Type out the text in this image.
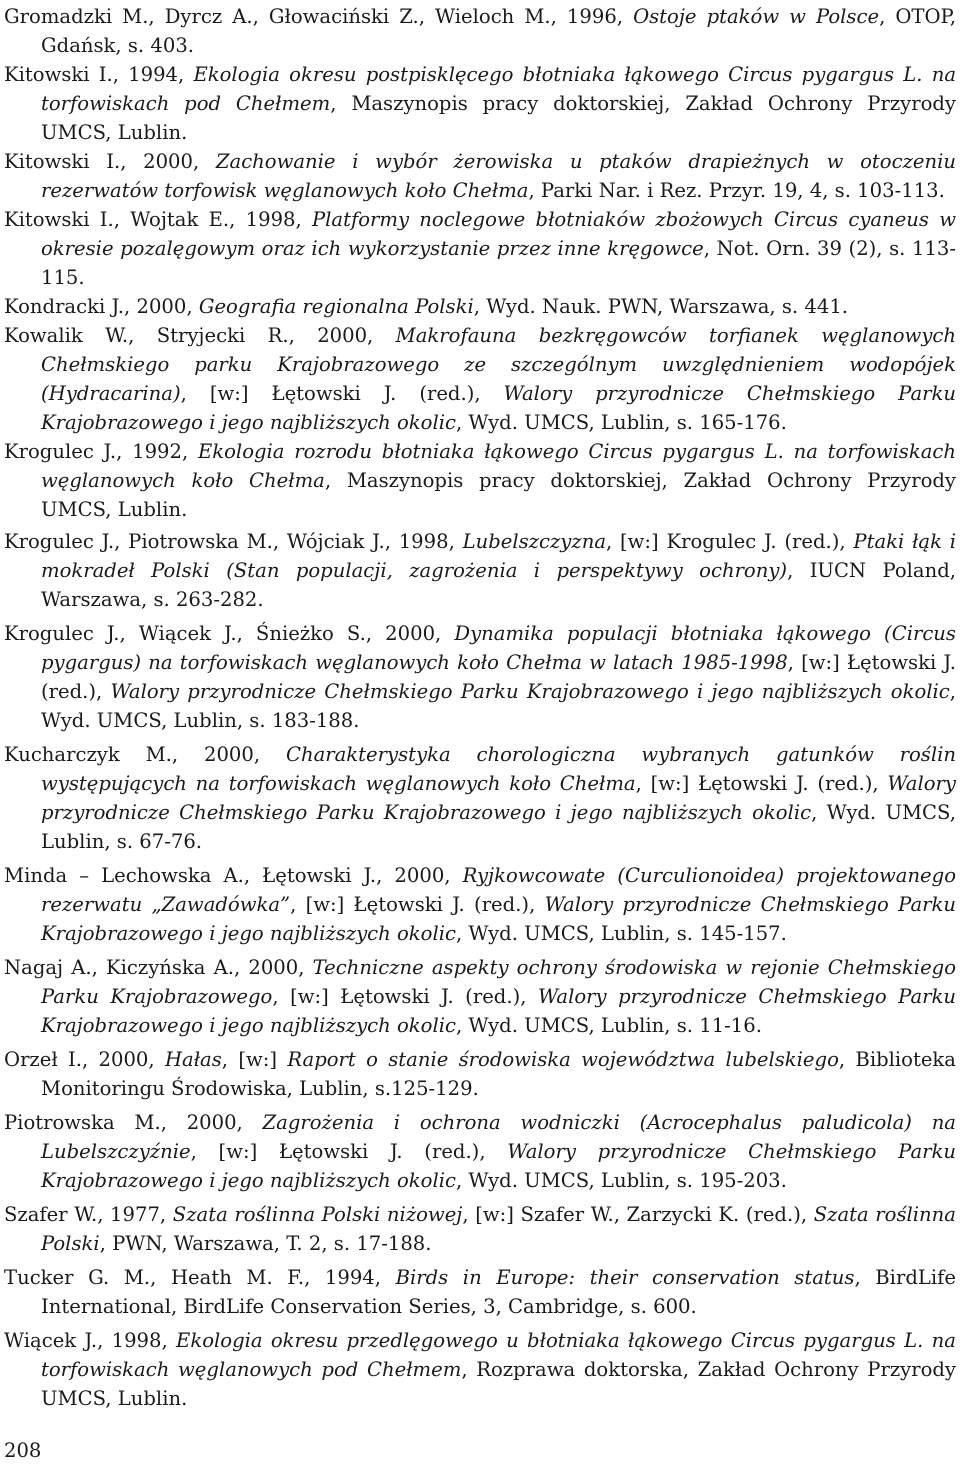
Gromadzki M., Dyrcz A., Głowaciński Z., Wieloch M., 1996, Ostoje ptaków w Polsce, OTOP, Gdańsk, s. 403.

Kitowski I., 1994, Ekologia okresu postpisklęcego błotniaka łąkowego Circus pygargus L. na torfowiskach pod Chełmem, Maszynopis pracy doktorskiej, Zakład Ochrony Przyrody UMCS, Lublin.

Kitowski I., 2000, Zachowanie i wybór żerowiska u ptaków drapieżnych w otoczeniu rezerwatów torfowisk węglanowych koło Chełma, Parki Nar. i Rez. Przyr. 19, 4, s. 103-113.

Kitowski I., Wojtak E., 1998, Platformy noclegowe błotniaków zbożowych Circus cyaneus w okresie pozalęgowym oraz ich wykorzystanie przez inne kręgowce, Not. Orn. 39 (2), s. 113-115.

Kondracki J., 2000, Geografia regionalna Polski, Wyd. Nauk. PWN, Warszawa, s. 441.

Kowalik W., Stryjecki R., 2000, Makrofauna bezkręgowców torfianek węglanowych Chełmskiego parku Krajobrazowego ze szczególnym uwzględnieniem wodopójek (Hydracarina), [w:] Łętowski J. (red.), Walory przyrodnicze Chełmskiego Parku Krajobrazowego i jego najbliższych okolic, Wyd. UMCS, Lublin, s. 165-176.

Krogulec J., 1992, Ekologia rozrodu błotniaka łąkowego Circus pygargus L. na torfowiskach węglanowych koło Chełma, Maszynopis pracy doktorskiej, Zakład Ochrony Przyrody UMCS, Lublin.

Krogulec J., Piotrowska M., Wójciak J., 1998, Lubelszczyzna, [w:] Krogulec J. (red.), Ptaki łąk i mokradeł Polski (Stan populacji, zagrożenia i perspektywy ochrony), IUCN Poland, Warszawa, s. 263-282.

Krogulec J., Wiącek J., Śnieżko S., 2000, Dynamika populacji błotniaka łąkowego (Circus pygargus) na torfowiskach węglanowych koło Chełma w latach 1985-1998, [w:] Łętowski J. (red.), Walory przyrodnicze Chełmskiego Parku Krajobrazowego i jego najbliższych okolic, Wyd. UMCS, Lublin, s. 183-188.

Kucharczyk M., 2000, Charakterystyka chorologiczna wybranych gatunków roślin występujących na torfowiskach węglanowych koło Chełma, [w:] Łętowski J. (red.), Walory przyrodnicze Chełmskiego Parku Krajobrazowego i jego najbliższych okolic, Wyd. UMCS, Lublin, s. 67-76.

Minda – Lechowska A., Łętowski J., 2000, Ryjkowcowate (Curculionoidea) projektowanego rezerwatu „Zawadówka”, [w:] Łętowski J. (red.), Walory przyrodnicze Chełmskiego Parku Krajobrazowego i jego najbliższych okolic, Wyd. UMCS, Lublin, s. 145-157.

Nagaj A., Kiczyńska A., 2000, Techniczne aspekty ochrony środowiska w rejonie Chełmskiego Parku Krajobrazowego, [w:] Łętowski J. (red.), Walory przyrodnicze Chełmskiego Parku Krajobrazowego i jego najbliższych okolic, Wyd. UMCS, Lublin, s. 11-16.

Orzeł I., 2000, Hałas, [w:] Raport o stanie środowiska województwa lubelskiego, Biblioteka Monitoringu Środowiska, Lublin, s.125-129.

Piotrowska M., 2000, Zagrożenia i ochrona wodniczki (Acrocephalus paludicola) na Lubelszczyźnie, [w:] Łętowski J. (red.), Walory przyrodnicze Chełmskiego Parku Krajobrazowego i jego najbliższych okolic, Wyd. UMCS, Lublin, s. 195-203.

Szafer W., 1977, Szata roślinna Polski niżowej, [w:] Szafer W., Zarzycki K. (red.), Szata roślinna Polski, PWN, Warszawa, T. 2, s. 17-188.

Tucker G. M., Heath M. F., 1994, Birds in Europe: their conservation status, BirdLife International, BirdLife Conservation Series, 3, Cambridge, s. 600.

Wiącek J., 1998, Ekologia okresu przedlęgowego u błotniaka łąkowego Circus pygargus L. na torfowiskach węglanowych pod Chełmem, Rozprawa doktorska, Zakład Ochrony Przyrody UMCS, Lublin.

208
